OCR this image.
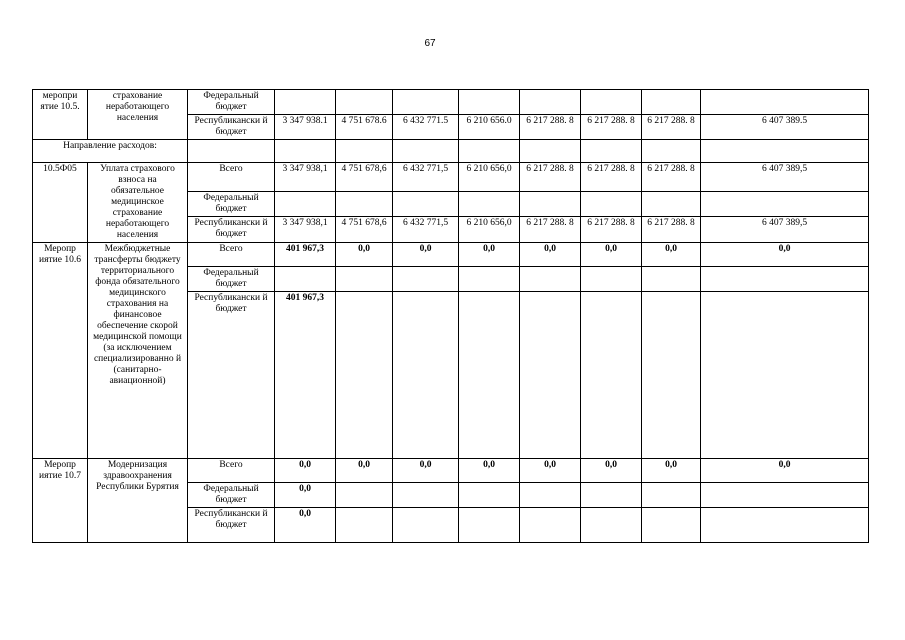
67
меропри ятие 10.5.	страхование неработающего населения	Федеральный бюджет								
		Республикански й бюджет	3 347 938.1	4 751 678.6	6 432 771.5	6 210 656.0	6 217 288. 8	6 217 288. 8	6 217 288. 8	6 407 389.5
Направление расходов:										
10.5Ф05	Уплата страхового взноса на обязательное медицинское страхование неработающего населения	Всего	3 347 938,1	4 751 678,6	6 432 771,5	6 210 656,0	6 217 288. 8	6 217 288. 8	6 217 288. 8	6 407 389,5
		Федеральный бюджет								
		Республикански й бюджет	3 347 938,1	4 751 678,6	6 432 771,5	6 210 656,0	6 217 288. 8	6 217 288. 8	6 217 288. 8	6 407 389,5
Меропр иятие 10.6	Межбюджетные трансферты бюджету территориального фонда обязательного медицинского страхования на финансовое обеспечение скорой медицинской помощи (за исключением специализированно й (санитарно-авиационной)	Всего	401 967,3	0,0	0,0	0,0	0,0	0,0	0,0	0,0
		Федеральный бюджет								
		Республикански й бюджет	401 967,3							
Меропр иятие 10.7	Модернизация здравоохранения Республики Бурятия	Всего	0,0	0,0	0,0	0,0	0,0	0,0	0,0	0,0
		Федеральный бюджет	0,0							
		Республикански й бюджет	0,0							
